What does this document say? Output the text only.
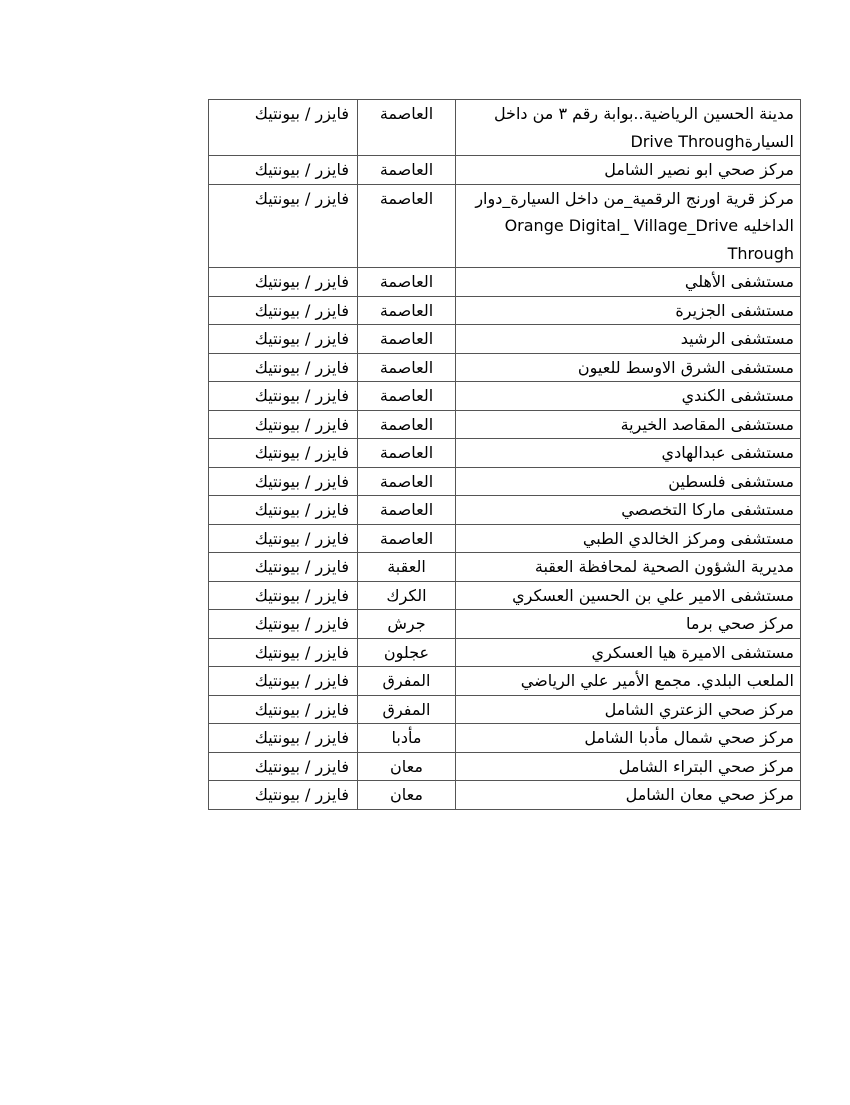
مدينة الحسين الرياضية..بوابة رقم ٣ من داخل السيارةDrive Through	العاصمة	فايزر / بيونتيك
مركز صحي ابو نصير الشامل	العاصمة	فايزر / بيونتيك
مركز قرية اورنج الرقمية_من داخل السيارة_دوار الداخليه Orange Digital_ Village_Drive Through	العاصمة	فايزر / بيونتيك
مستشفى الأهلي	العاصمة	فايزر / بيونتيك
مستشفى الجزيرة	العاصمة	فايزر / بيونتيك
مستشفى الرشيد	العاصمة	فايزر / بيونتيك
مستشفى الشرق الاوسط للعيون	العاصمة	فايزر / بيونتيك
مستشفى الكندي	العاصمة	فايزر / بيونتيك
مستشفى المقاصد الخيرية	العاصمة	فايزر / بيونتيك
مستشفى عبدالهادي	العاصمة	فايزر / بيونتيك
مستشفى فلسطين	العاصمة	فايزر / بيونتيك
مستشفى ماركا التخصصي	العاصمة	فايزر / بيونتيك
مستشفى ومركز الخالدي الطبي	العاصمة	فايزر / بيونتيك
مديرية الشؤون الصحية لمحافظة العقبة	العقبة	فايزر / بيونتيك
مستشفى الامير علي بن الحسين العسكري	الكرك	فايزر / بيونتيك
مركز صحي برما	جرش	فايزر / بيونتيك
مستشفى الاميرة هيا العسكري	عجلون	فايزر / بيونتيك
الملعب البلدي. مجمع الأمير علي الرياضي	المفرق	فايزر / بيونتيك
مركز صحي الزعتري الشامل	المفرق	فايزر / بيونتيك
مركز صحي شمال مأدبا الشامل	مأدبا	فايزر / بيونتيك
مركز صحي البتراء الشامل	معان	فايزر / بيونتيك
مركز صحي معان الشامل	معان	فايزر / بيونتيك
